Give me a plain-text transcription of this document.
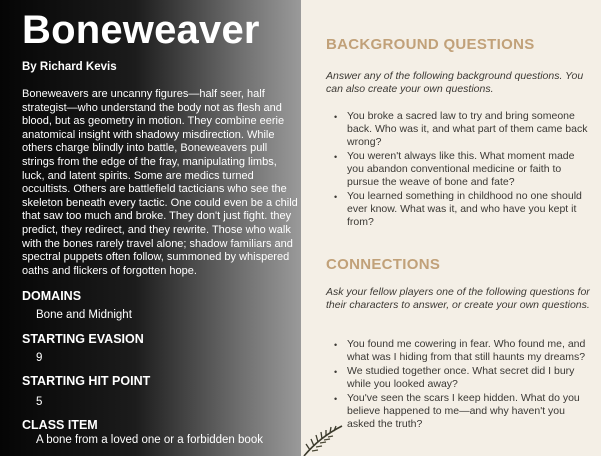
Boneweaver
By Richard Kevis
Boneweavers are uncanny figures—half seer, half strategist—who understand the body not as flesh and blood, but as geometry in motion. They combine eerie anatomical insight with shadowy misdirection. While others charge blindly into battle, Boneweavers pull strings from the edge of the fray, manipulating limbs, luck, and latent spirits. Some are medics turned occultists. Others are battlefield tacticians who see the skeleton beneath every tactic. One could even be a child that saw too much and broke. They don't just fight. they predict, they redirect, and they rewrite. Those who walk with the bones rarely travel alone; shadow familiars and spectral puppets often follow, summoned by whispered oaths and flickers of forgotten hope.
DOMAINS
Bone and Midnight
STARTING EVASION
9
STARTING HIT POINT
5
CLASS ITEM
A bone from a loved one or a forbidden book
BACKGROUND QUESTIONS
Answer any of the following background questions. You can also create your own questions.
• You broke a sacred law to try and bring someone back. Who was it, and what part of them came back wrong?
• You weren't always like this. What moment made you abandon conventional medicine or faith to pursue the weave of bone and fate?
• You learned something in childhood no one should ever know. What was it, and who have you kept it from?
CONNECTIONS
Ask your fellow players one of the following questions for their characters to answer, or create your own questions.
• You found me cowering in fear. Who found me, and what was I hiding from that still haunts my dreams?
• We studied together once. What secret did I bury while you looked away?
• You've seen the scars I keep hidden. What do you believe happened to me—and why haven't you asked the truth?
